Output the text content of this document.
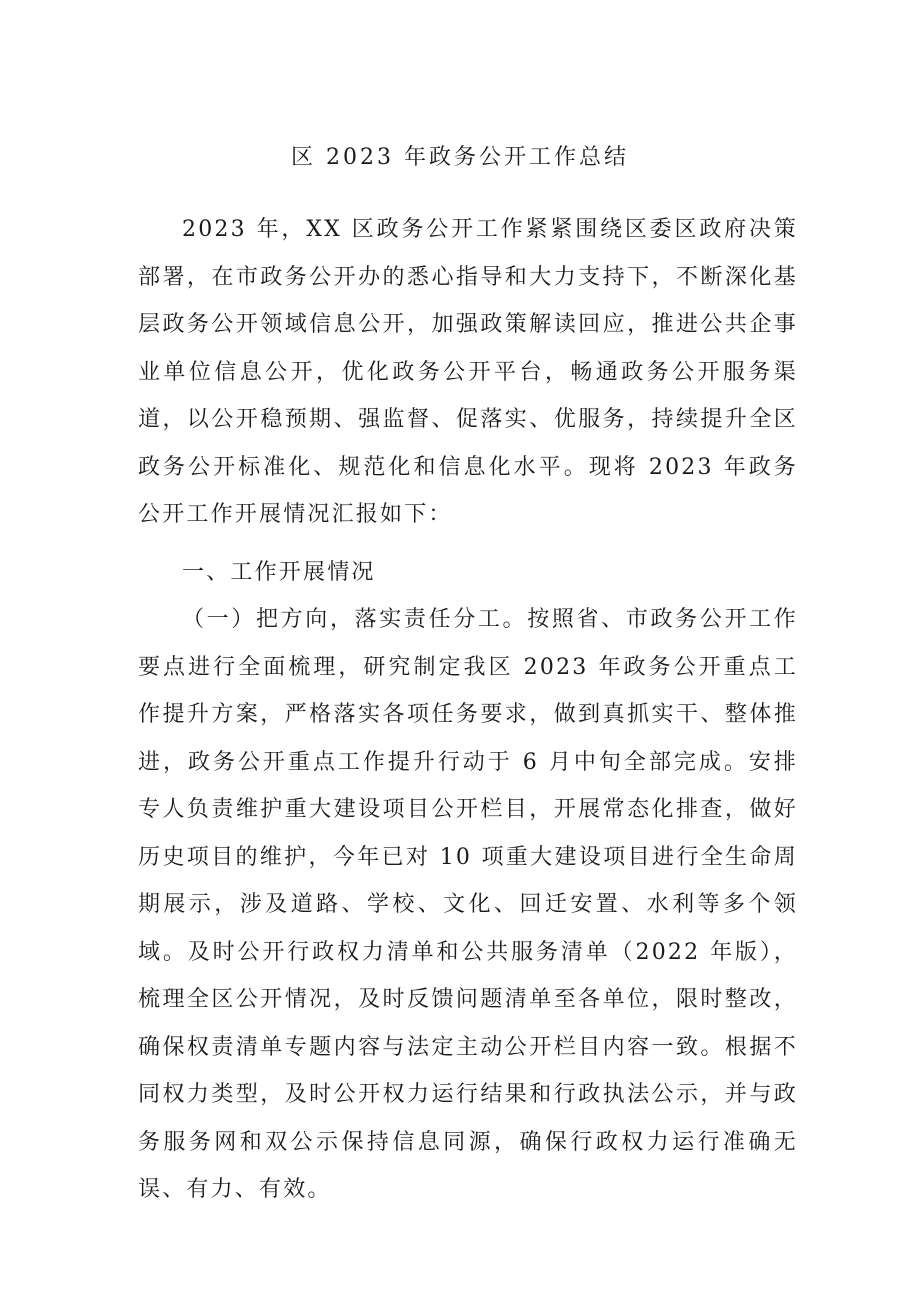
区 2023 年政务公开工作总结

2023 年，XX 区政务公开工作紧紧围绕区委区政府决策部署，在市政务公开办的悉心指导和大力支持下，不断深化基层政务公开领域信息公开，加强政策解读回应，推进公共企事业单位信息公开，优化政务公开平台，畅通政务公开服务渠道，以公开稳预期、强监督、促落实、优服务，持续提升全区政务公开标准化、规范化和信息化水平。现将 2023 年政务公开工作开展情况汇报如下：

一、工作开展情况

（一）把方向，落实责任分工。按照省、市政务公开工作要点进行全面梳理，研究制定我区 2023 年政务公开重点工作提升方案，严格落实各项任务要求，做到真抓实干、整体推进，政务公开重点工作提升行动于 6 月中旬全部完成。安排专人负责维护重大建设项目公开栏目，开展常态化排查，做好历史项目的维护，今年已对 10 项重大建设项目进行全生命周期展示，涉及道路、学校、文化、回迁安置、水利等多个领域。及时公开行政权力清单和公共服务清单（2022 年版），梳理全区公开情况，及时反馈问题清单至各单位，限时整改，确保权责清单专题内容与法定主动公开栏目内容一致。根据不同权力类型，及时公开权力运行结果和行政执法公示，并与政务服务网和双公示保持信息同源，确保行政权力运行准确无误、有力、有效。
